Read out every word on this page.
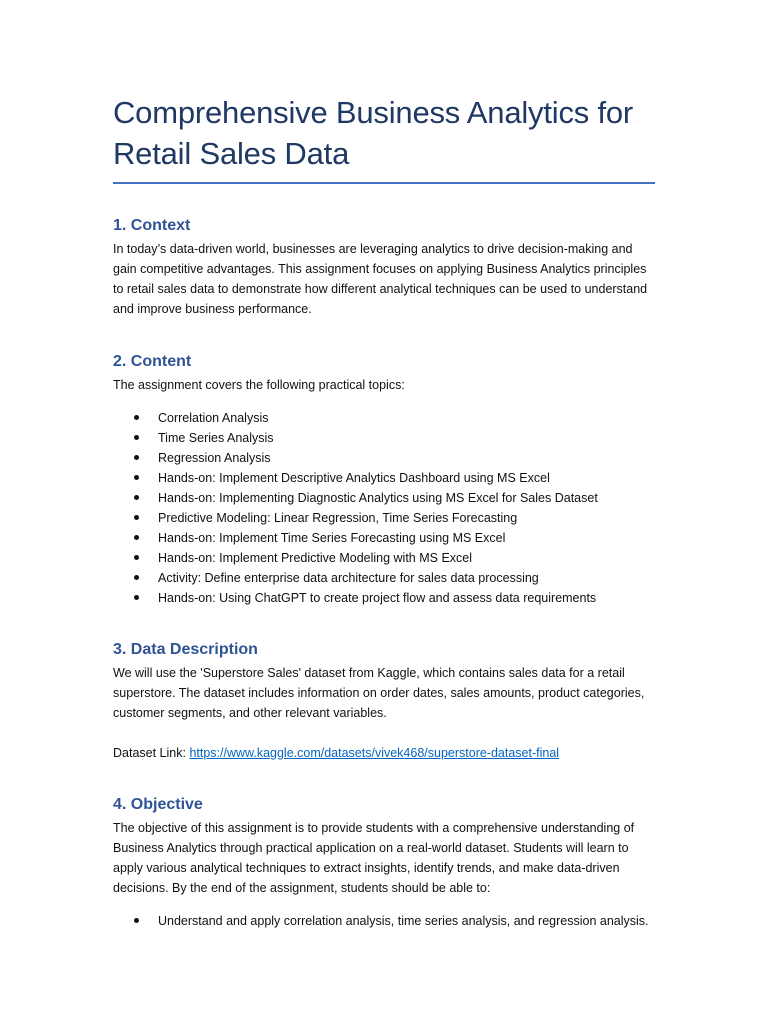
Comprehensive Business Analytics for Retail Sales Data
1. Context

In today’s data-driven world, businesses are leveraging analytics to drive decision-making and gain competitive advantages. This assignment focuses on applying Business Analytics principles to retail sales data to demonstrate how different analytical techniques can be used to understand and improve business performance.

2. Content

The assignment covers the following practical topics:

Correlation Analysis
Time Series Analysis
Regression Analysis
Hands-on: Implement Descriptive Analytics Dashboard using MS Excel
Hands-on: Implementing Diagnostic Analytics using MS Excel for Sales Dataset
Predictive Modeling: Linear Regression, Time Series Forecasting
Hands-on: Implement Time Series Forecasting using MS Excel
Hands-on: Implement Predictive Modeling with MS Excel
Activity: Define enterprise data architecture for sales data processing
Hands-on: Using ChatGPT to create project flow and assess data requirements
3. Data Description

We will use the 'Superstore Sales' dataset from Kaggle, which contains sales data for a retail superstore. The dataset includes information on order dates, sales amounts, product categories, customer segments, and other relevant variables.

Dataset Link: https://www.kaggle.com/datasets/vivek468/superstore-dataset-final

4. Objective

The objective of this assignment is to provide students with a comprehensive understanding of Business Analytics through practical application on a real-world dataset. Students will learn to apply various analytical techniques to extract insights, identify trends, and make data-driven decisions. By the end of the assignment, students should be able to:

Understand and apply correlation analysis, time series analysis, and regression analysis.
